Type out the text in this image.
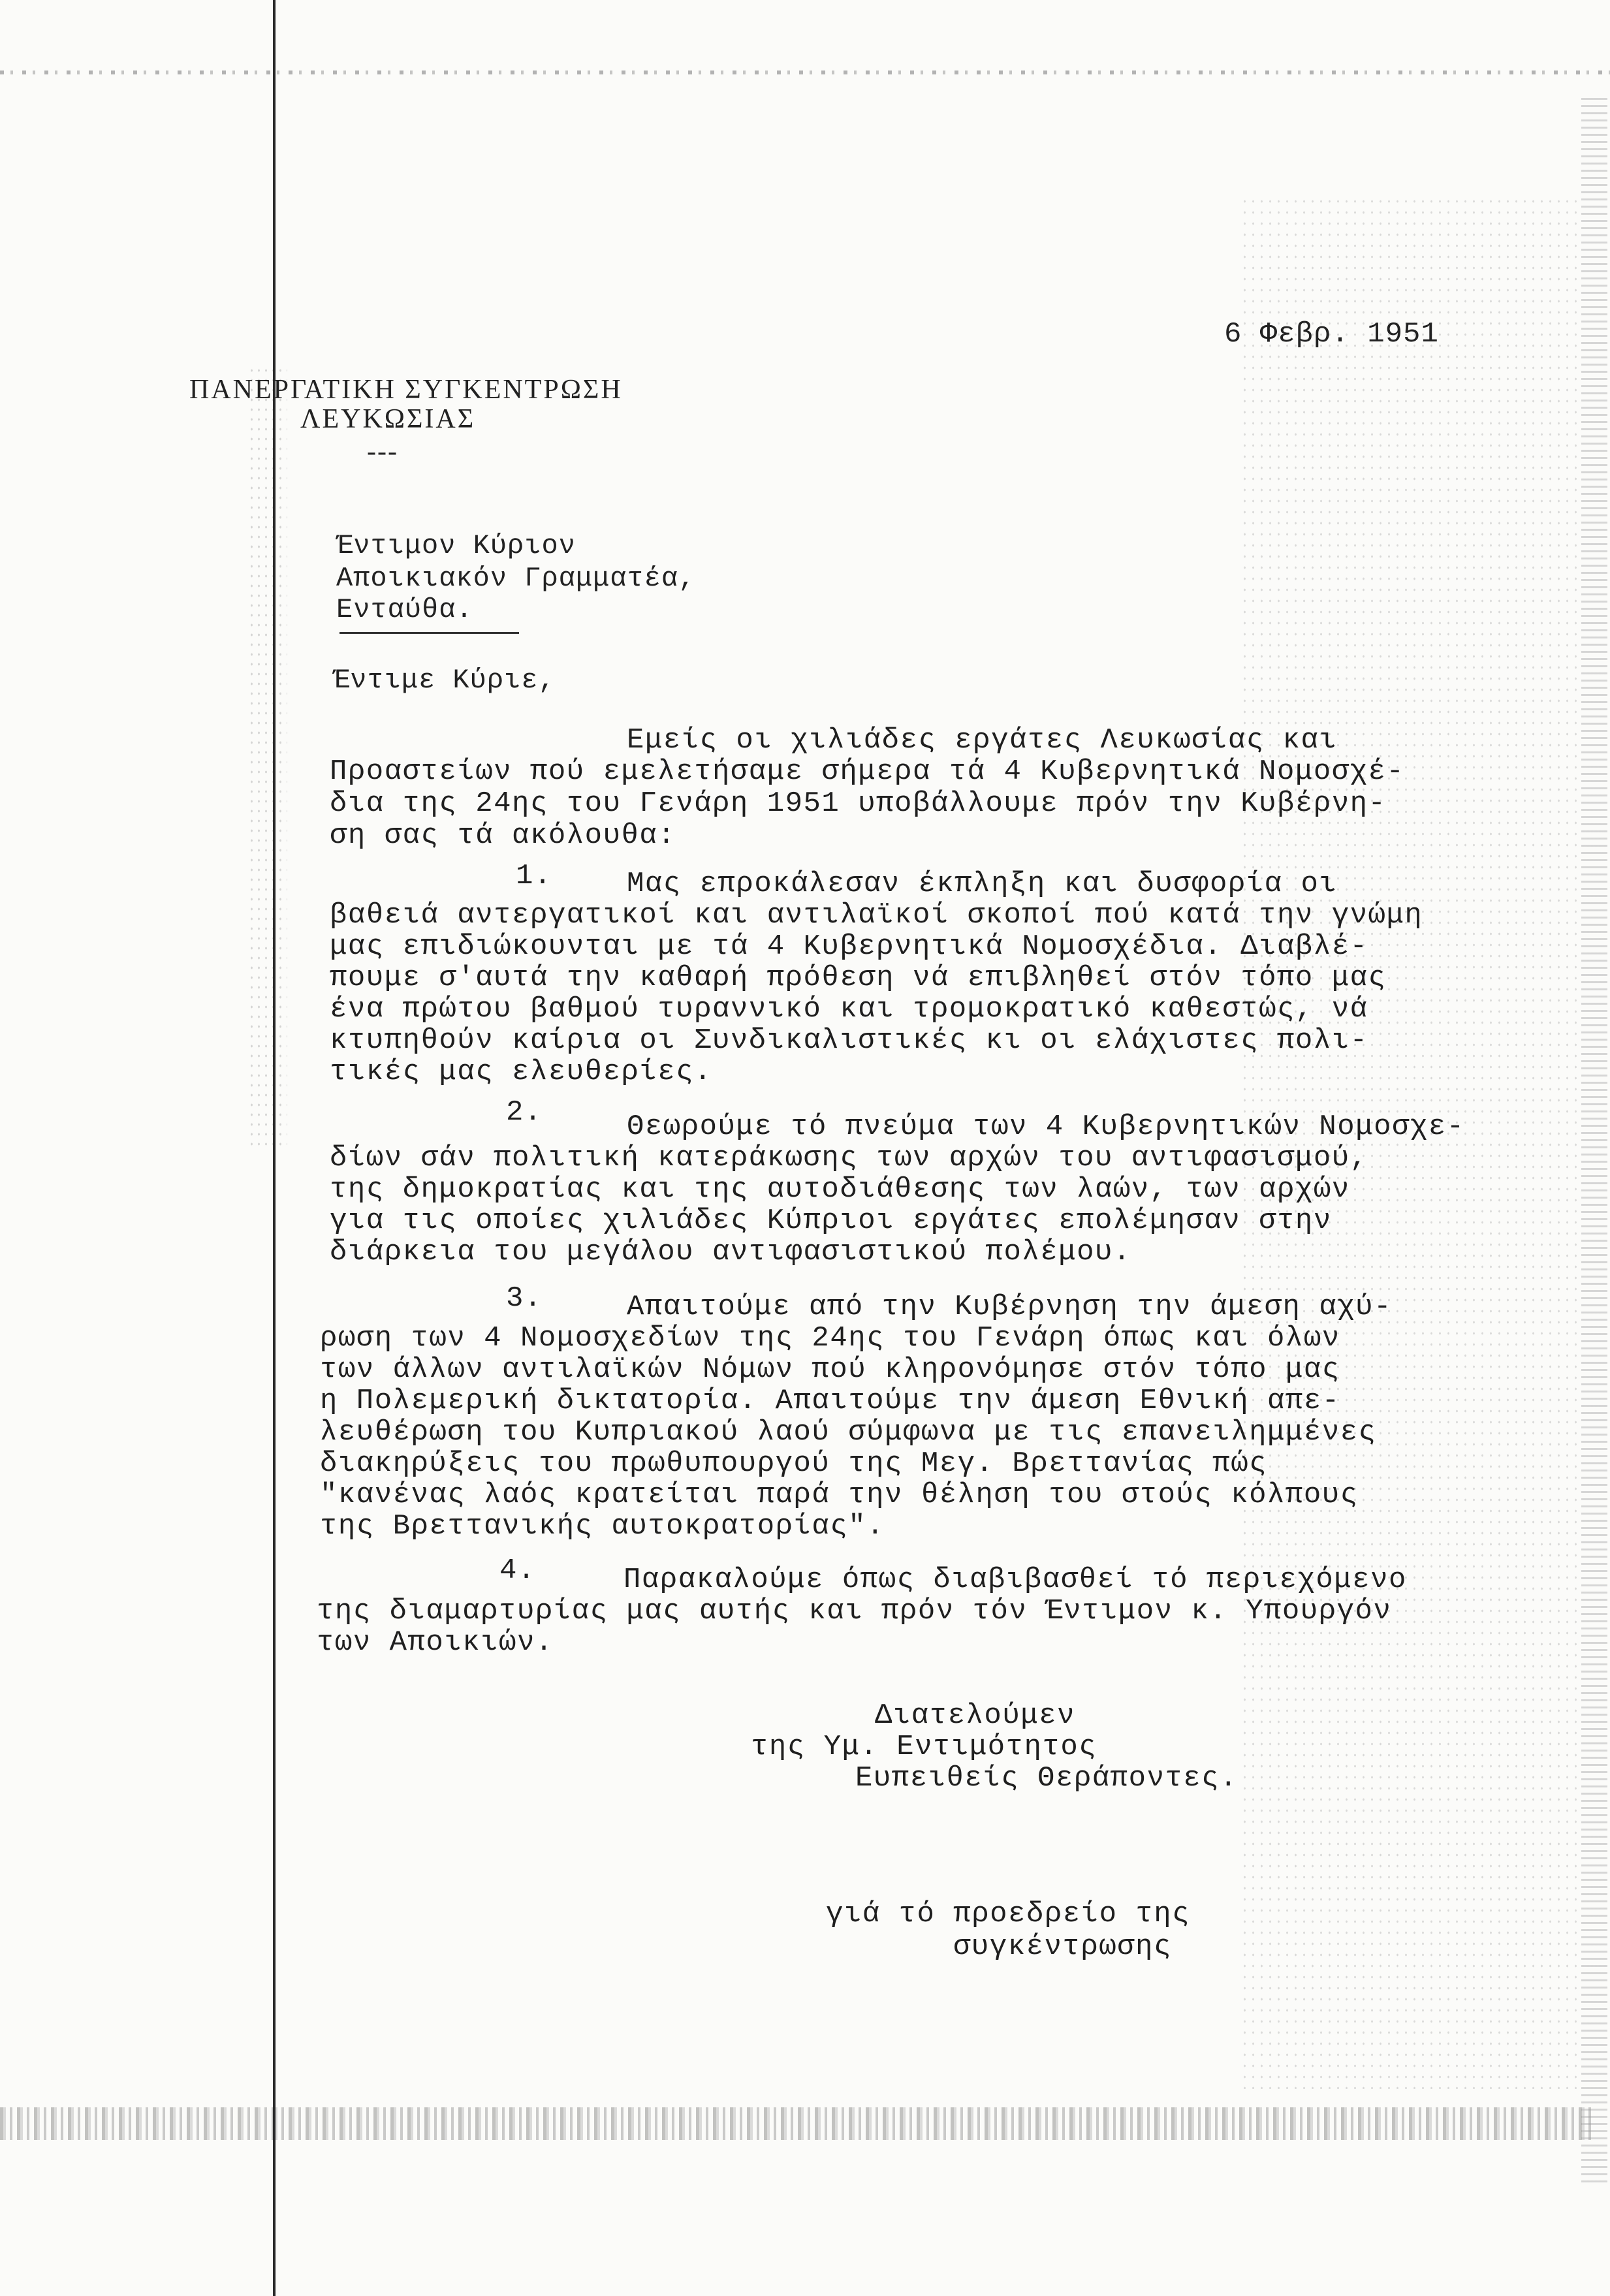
6 Φεβρ. 1951
ΠΑΝΕΡΓΑΤΙΚΗ ΣΥΓΚΕΝΤΡΩΣΗ
ΛΕΥΚΩΣΙΑΣ
---
Έντιμον Κύριον
Αποικιακόν Γραμματέα,
Ενταύθα.
Έντιμε Κύριε,
Εμείς οι χιλιάδες εργάτες Λευκωσίας και
Προαστείων πού εμελετήσαμε σήμερα τά 4 Κυβερνητικά Νομοσχέ-
δια της 24ης του Γενάρη 1951 υποβάλλουμε πρόν την Κυβέρνη-
ση σας τά ακόλουθα:
1.	Μας επροκάλεσαν έκπληξη και δυσφορία οι
βαθειά αντεργατικοί και αντιλαϊκοί σκοποί πού κατά την γνώμη
μας επιδιώκουνται με τά 4 Κυβερνητικά Νομοσχέδια. Διαβλέ-
πουμε σ'αυτά την καθαρή πρόθεση νά επιβληθεί στόν τόπο μας
ένα πρώτου βαθμού τυραννικό και τρομοκρατικό καθεστώς, νά
κτυπηθούν καίρια οι Συνδικαλιστικές κι οι ελάχιστες πολι-
τικές μας ελευθερίες.
2.	Θεωρούμε τό πνεύμα των 4 Κυβερνητικών Νομοσχε-
δίων σάν πολιτική κατεράκωσης των αρχών του αντιφασισμού,
της δημοκρατίας και της αυτοδιάθεσης των λαών, των αρχών
για τις οποίες χιλιάδες Κύπριοι εργάτες επολέμησαν στην
διάρκεια του μεγάλου αντιφασιστικού πολέμου.
3.	Απαιτούμε από την Κυβέρνηση την άμεση αχύ-
ρωση των 4 Νομοσχεδίων της 24ης του Γενάρη όπως και όλων
των άλλων αντιλαϊκών Νόμων πού κληρονόμησε στόν τόπο μας
η Πολεμερική δικτατορία. Απαιτούμε την άμεση Εθνική απε-
λευθέρωση του Κυπριακού λαού σύμφωνα με τις επανειλημμένες
διακηρύξεις του πρωθυπουργού της Μεγ. Βρεττανίας πώς
"κανένας λαός κρατείται παρά την θέληση του στούς κόλπους
της Βρεττανικής αυτοκρατορίας".
4.	Παρακαλούμε όπως διαβιβασθεί τό περιεχόμενο
της διαμαρτυρίας μας αυτής και πρόν τόν Έντιμον κ. Υπουργόν
των Αποικιών.
Διατελούμεν
της Υμ. Εντιμότητος
Ευπειθείς Θεράποντες.
γιά τό προεδρείο της
συγκέντρωσης
